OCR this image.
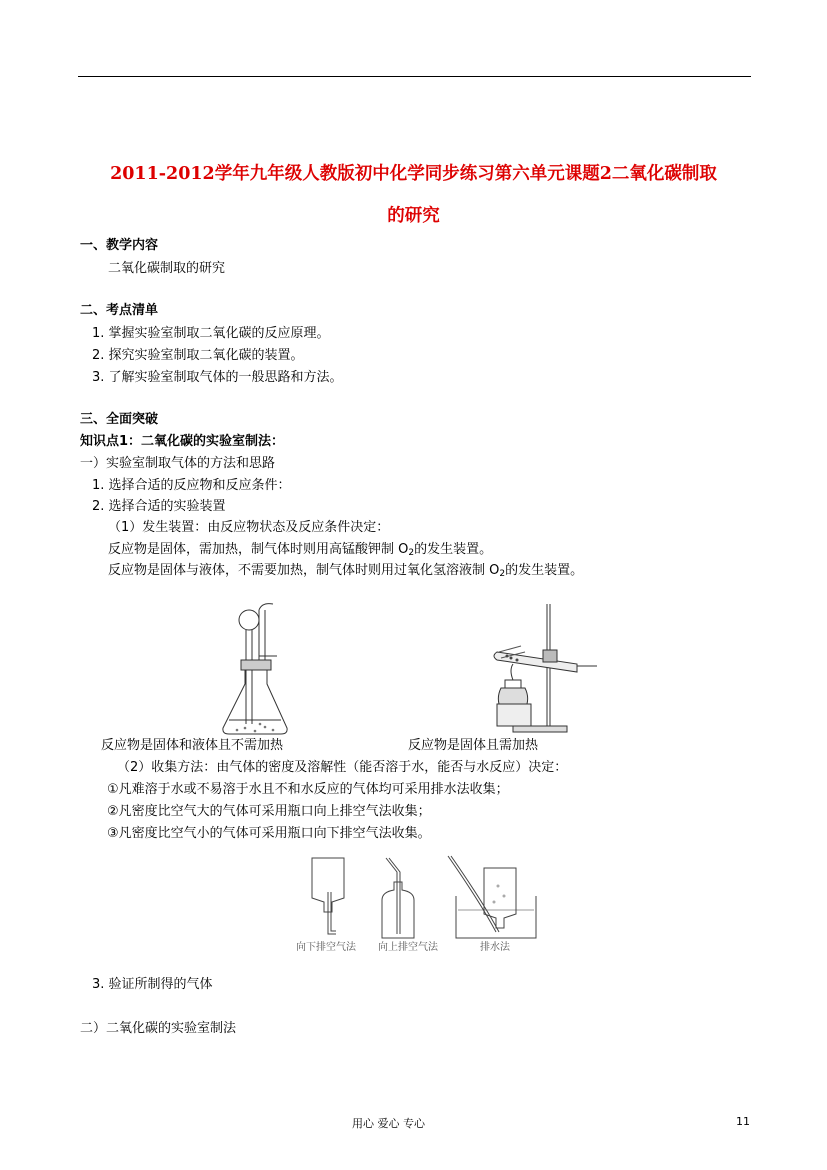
2011-2012学年九年级人教版初中化学同步练习第六单元课题2二氧化碳制取
的研究
一、教学内容
二氧化碳制取的研究
二、考点清单
1. 掌握实验室制取二氧化碳的反应原理。
2. 探究实验室制取二氧化碳的装置。
3. 了解实验室制取气体的一般思路和方法。
三、全面突破
知识点1：二氧化碳的实验室制法：
一）实验室制取气体的方法和思路
1. 选择合适的反应物和反应条件：
2. 选择合适的实验装置
（1）发生装置：由反应物状态及反应条件决定：
反应物是固体，需加热，制气体时则用高锰酸钾制 $O_2$的发生装置。
反应物是固体与液体，不需要加热，制气体时则用过氧化氢溶液制 $O_2$的发生装置。
反应物是固体和液体且不需加热	反应物是固体且需加热
（2）收集方法：由气体的密度及溶解性（能否溶于水，能否与水反应）决定：
①凡难溶于水或不易溶于水且不和水反应的气体均可采用排水法收集；
②凡密度比空气大的气体可采用瓶口向上排空气法收集；
③凡密度比空气小的气体可采用瓶口向下排空气法收集。
向下排空气法 向上排空气法	排水法
3. 验证所制得的气体
二）二氧化碳的实验室制法
用心 爱心 专心	11
